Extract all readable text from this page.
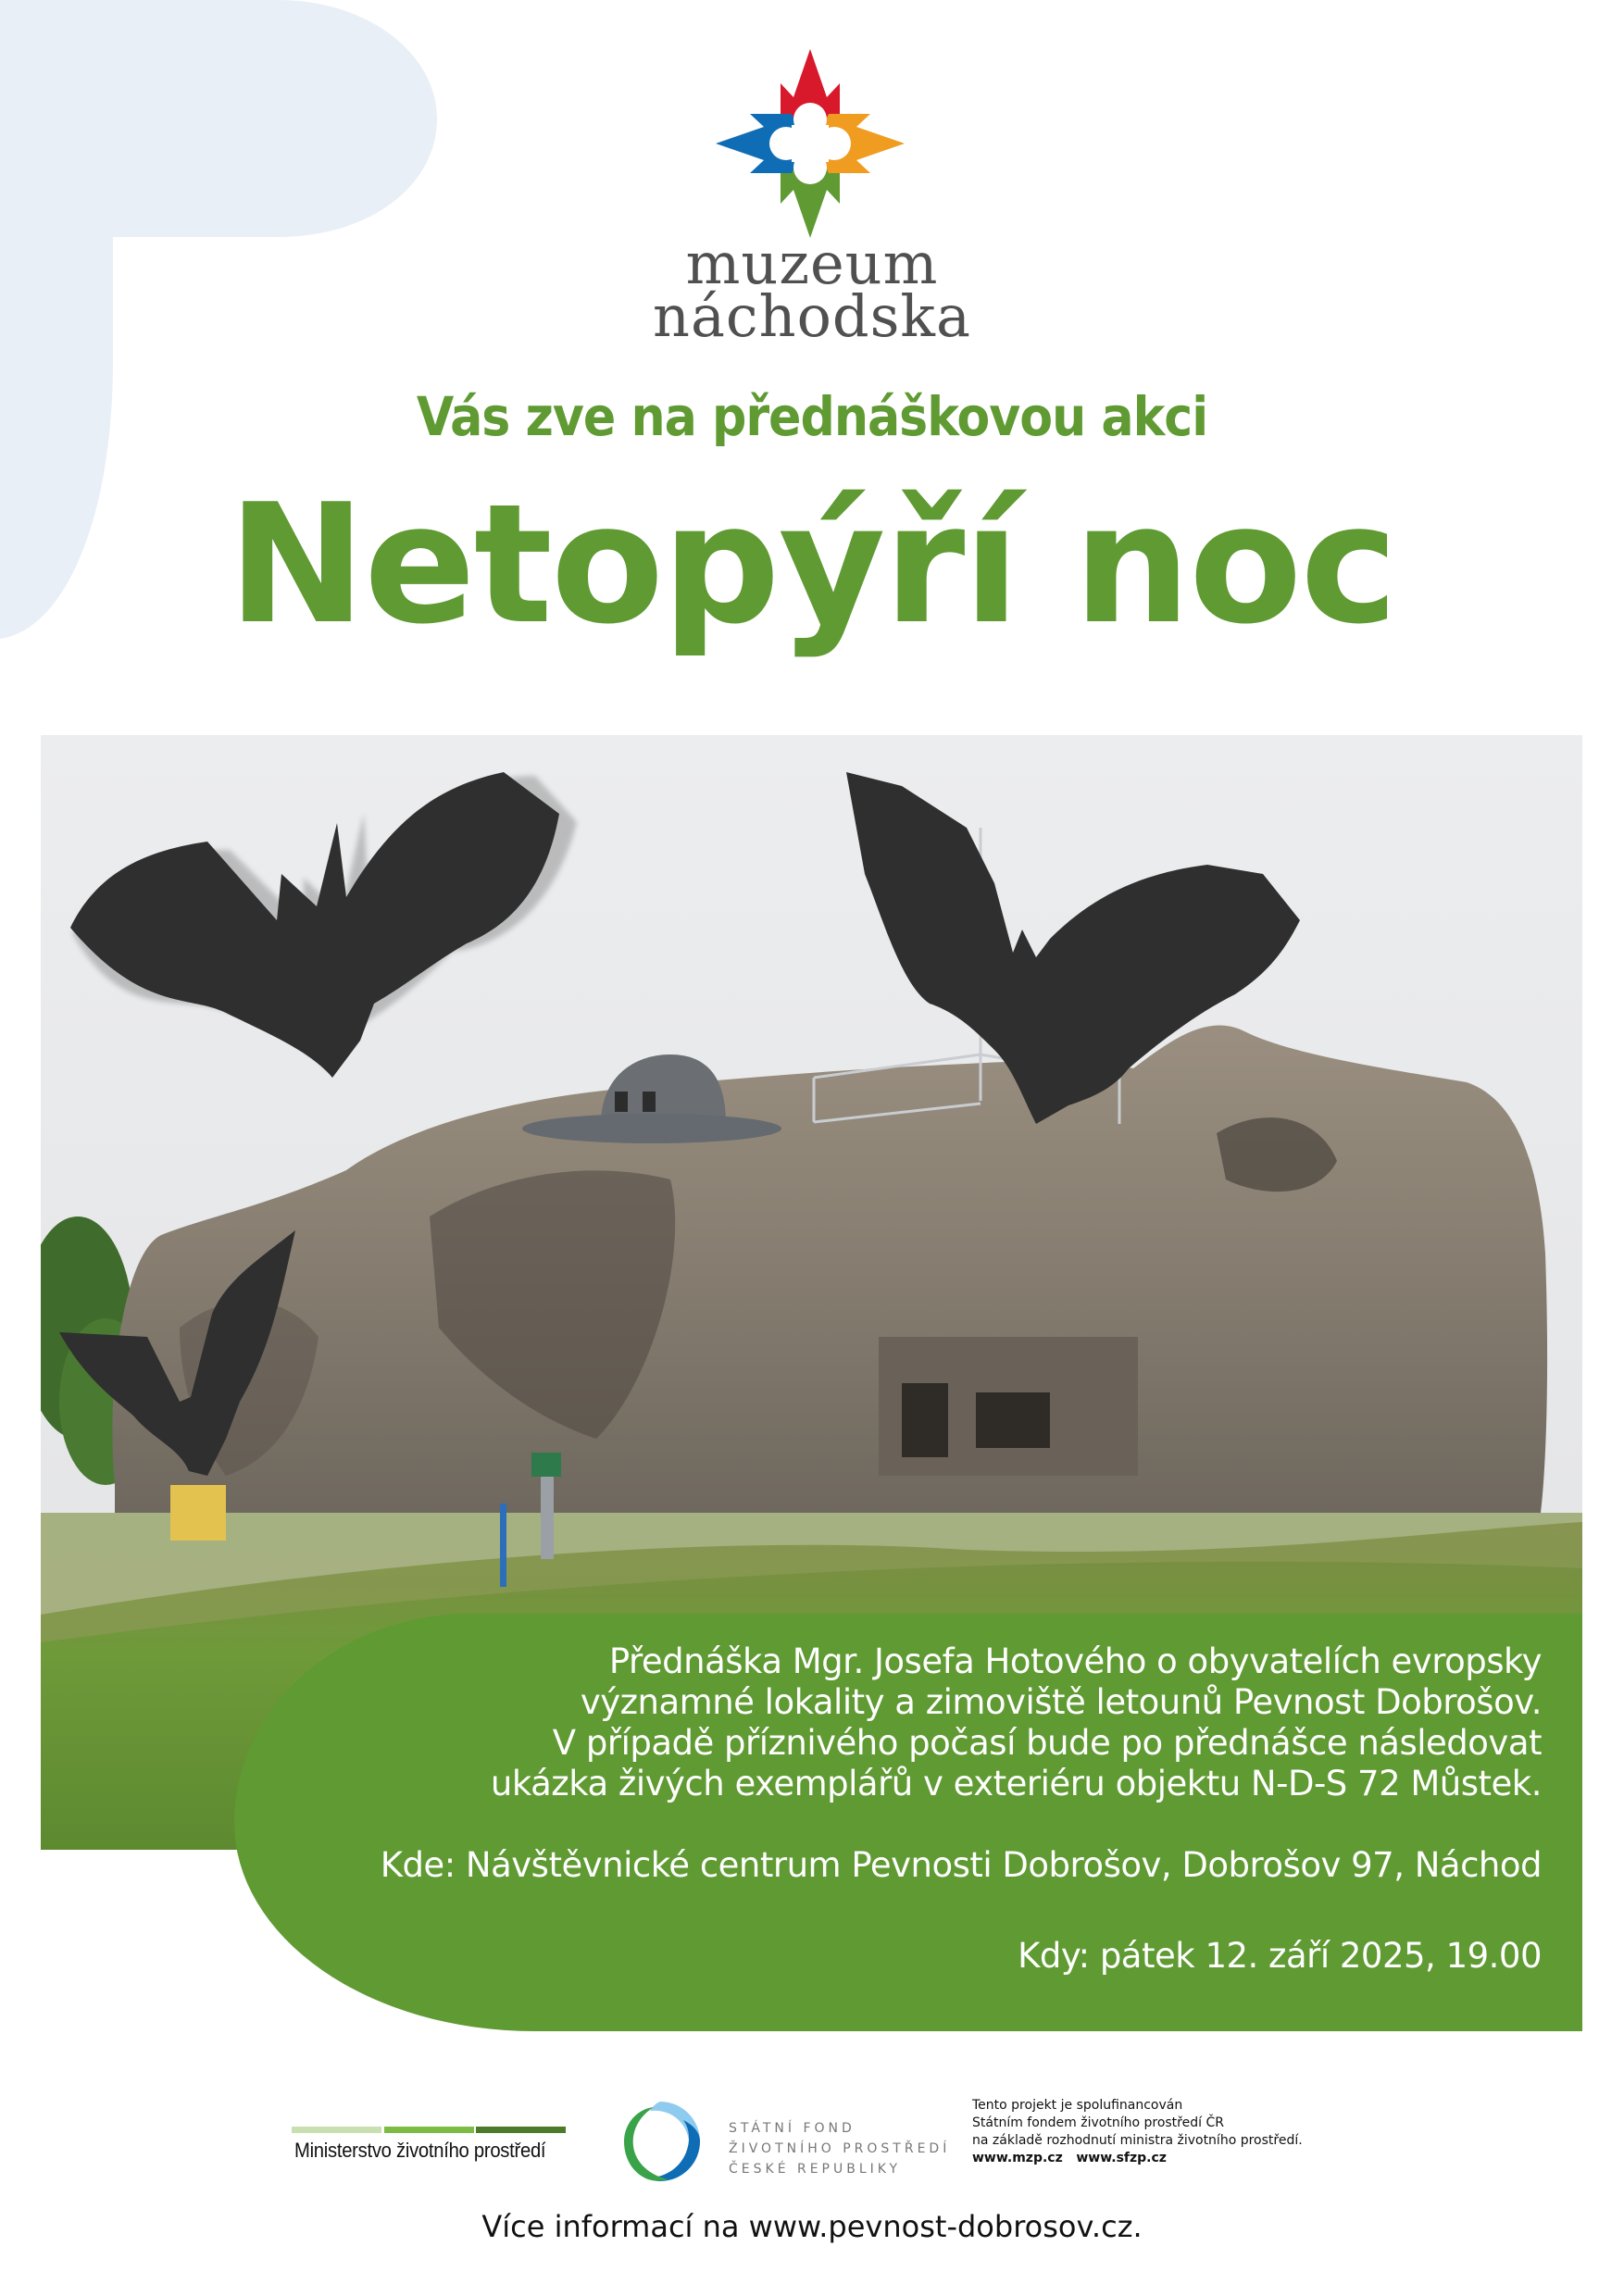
muzeum
náchodska
Vás zve na přednáškovou akci
Netopýří noc
Přednáška Mgr. Josefa Hotového o obyvatelích evropsky
významné lokality a zimoviště letounů Pevnost Dobrošov.
V případě příznivého počasí bude po přednášce následovat
ukázka živých exemplářů v exteriéru objektu N-D-S 72 Můstek.
Kde: Návštěvnické centrum Pevnosti Dobrošov, Dobrošov 97, Náchod
Kdy: pátek 12. září 2025, 19.00
Ministerstvo životního prostředí
STÁTNÍ FOND
ŽIVOTNÍHO PROSTŘEDÍ
ČESKÉ REPUBLIKY
Tento projekt je spolufinancován
Státním fondem životního prostředí ČR
na základě rozhodnutí ministra životního prostředí.
www.mzp.cz   www.sfzp.cz
Více informací na www.pevnost-dobrosov.cz.
